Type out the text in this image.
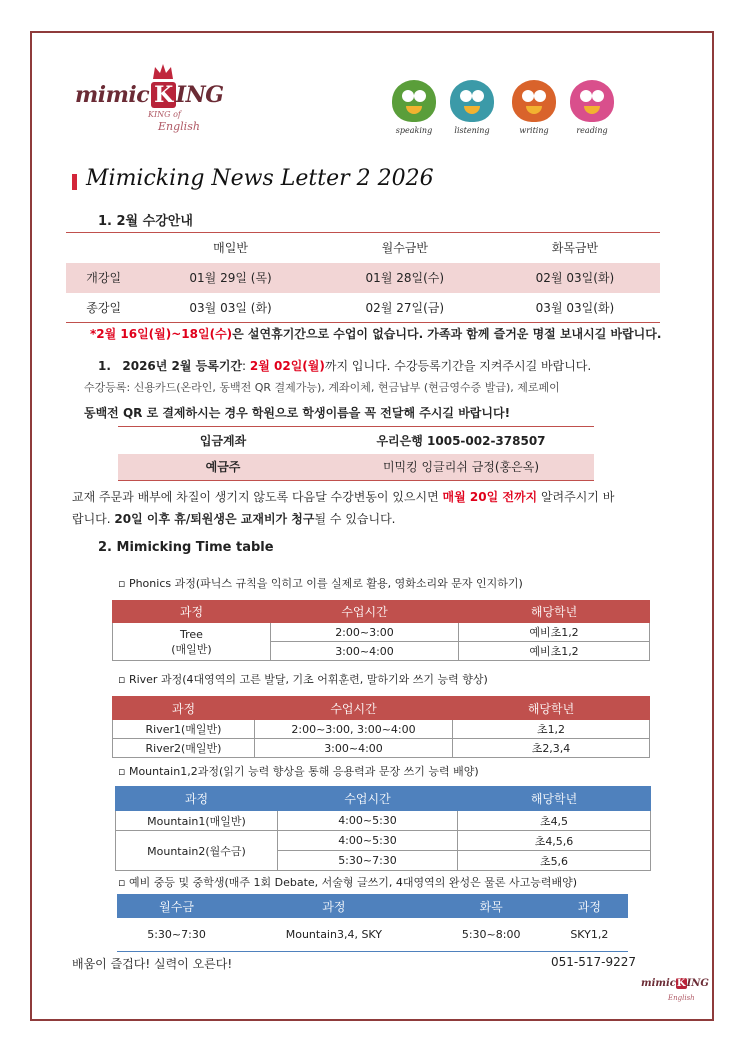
mimic K ING
KING of
English	speaking	listening	writing	reading
Mimicking News Letter 2 2026
1. 2월 수강안내
	매일반	월수금반	화목금반
개강일	01월 29일 (목)	01월 28일(수)	02월 03일(화)
종강일	03월 03일 (화)	02월 27일(금)	03월 03일(화)
*2월 16일(월)~18일(수)은 설연휴기간으로 수업이 없습니다. 가족과 함께 즐거운 명절 보내시길 바랍니다.
1. 2026년 2월 등록기간: 2월 02일(월)까지 입니다. 수강등록기간을 지켜주시길 바랍니다.
수강등록: 신용카드(온라인, 동백전 QR 결제가능), 계좌이체, 현금납부 (현금영수증 발급), 제로페이
동백전 QR 로 결제하시는 경우 학원으로 학생이름을 꼭 전달해 주시길 바랍니다!
입금계좌	우리은행 1005-002-378507
예금주	미믹킹 잉글리쉬 금정(홍은옥)
교재 주문과 배부에 차질이 생기지 않도록 다음달 수강변동이 있으시면 매월 20일 전까지 알려주시기 바
랍니다. 20일 이후 휴/퇴원생은 교재비가 청구될 수 있습니다.
2. Mimicking Time table
▫ Phonics 과정(파닉스 규칙을 익히고 이를 실제로 활용, 영화소리와 문자 인지하기)
과정	수업시간	해당학년
Tree
(매일반)	2:00~3:00	예비초1,2
	3:00~4:00	예비초1,2
▫ River 과정(4대영역의 고른 발달, 기초 어휘훈련, 말하기와 쓰기 능력 향상)
과정	수업시간	해당학년
River1(매일반)	2:00~3:00, 3:00~4:00	초1,2
River2(매일반)	3:00~4:00	초2,3,4
▫ Mountain1,2과정(읽기 능력 향상을 통해 응용력과 문장 쓰기 능력 배양)
과정	수업시간	해당학년
Mountain1(매일반)	4:00~5:30	초4,5
Mountain2(월수금)	4:00~5:30	초4,5,6
	5:30~7:30	초5,6
▫ 예비 중등 및 중학생(매주 1회 Debate, 서술형 글쓰기, 4대영역의 완성은 물론 사고능력배양)
월수금	과정	화목	과정
5:30~7:30	Mountain3,4, SKY	5:30~8:00	SKY1,2
배움이 즐겁다! 실력이 오른다!	051-517-9227
mimicKING
English
